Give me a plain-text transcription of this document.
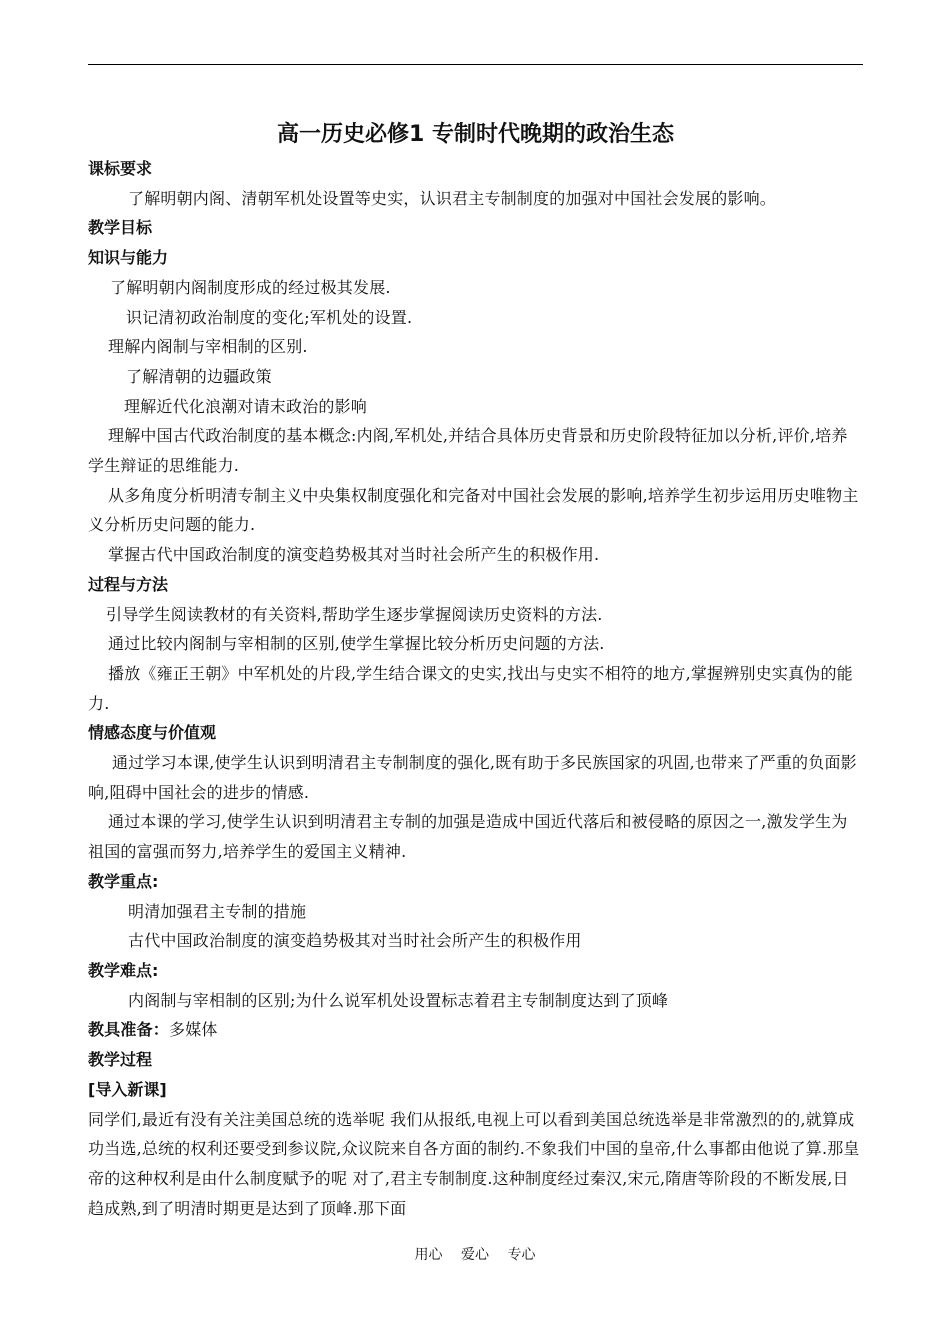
高一历史必修1 专制时代晚期的政治生态
课标要求
了解明朝内阁、清朝军机处设置等史实，认识君主专制制度的加强对中国社会发展的影响。
教学目标
知识与能力
了解明朝内阁制度形成的经过极其发展.
识记清初政治制度的变化;军机处的设置.
理解内阁制与宰相制的区别.
了解清朝的边疆政策
理解近代化浪潮对请末政治的影响
理解中国古代政治制度的基本概念:内阁,军机处,并结合具体历史背景和历史阶段特征加以分析,评价,培养学生辩证的思维能力.
从多角度分析明清专制主义中央集权制度强化和完备对中国社会发展的影响,培养学生初步运用历史唯物主义分析历史问题的能力.
掌握古代中国政治制度的演变趋势极其对当时社会所产生的积极作用.
过程与方法
引导学生阅读教材的有关资料,帮助学生逐步掌握阅读历史资料的方法.
通过比较内阁制与宰相制的区别,使学生掌握比较分析历史问题的方法.
播放《雍正王朝》中军机处的片段,学生结合课文的史实,找出与史实不相符的地方,掌握辨别史实真伪的能力.
情感态度与价值观
通过学习本课,使学生认识到明清君主专制制度的强化,既有助于多民族国家的巩固,也带来了严重的负面影响,阻碍中国社会的进步的情感.
通过本课的学习,使学生认识到明清君主专制的加强是造成中国近代落后和被侵略的原因之一,激发学生为祖国的富强而努力,培养学生的爱国主义精神.
教学重点:
明清加强君主专制的措施
古代中国政治制度的演变趋势极其对当时社会所产生的积极作用
教学难点:
内阁制与宰相制的区别;为什么说军机处设置标志着君主专制制度达到了顶峰
教具准备：多媒体
教学过程
[导入新课]
同学们,最近有没有关注美国总统的选举呢 我们从报纸,电视上可以看到美国总统选举是非常激烈的的,就算成功当选,总统的权利还要受到参议院,众议院来自各方面的制约.不象我们中国的皇帝,什么事都由他说了算.那皇帝的这种权利是由什么制度赋予的呢 对了,君主专制制度.这种制度经过秦汉,宋元,隋唐等阶段的不断发展,日趋成熟,到了明清时期更是达到了顶峰.那下面
用心 爱心 专心
